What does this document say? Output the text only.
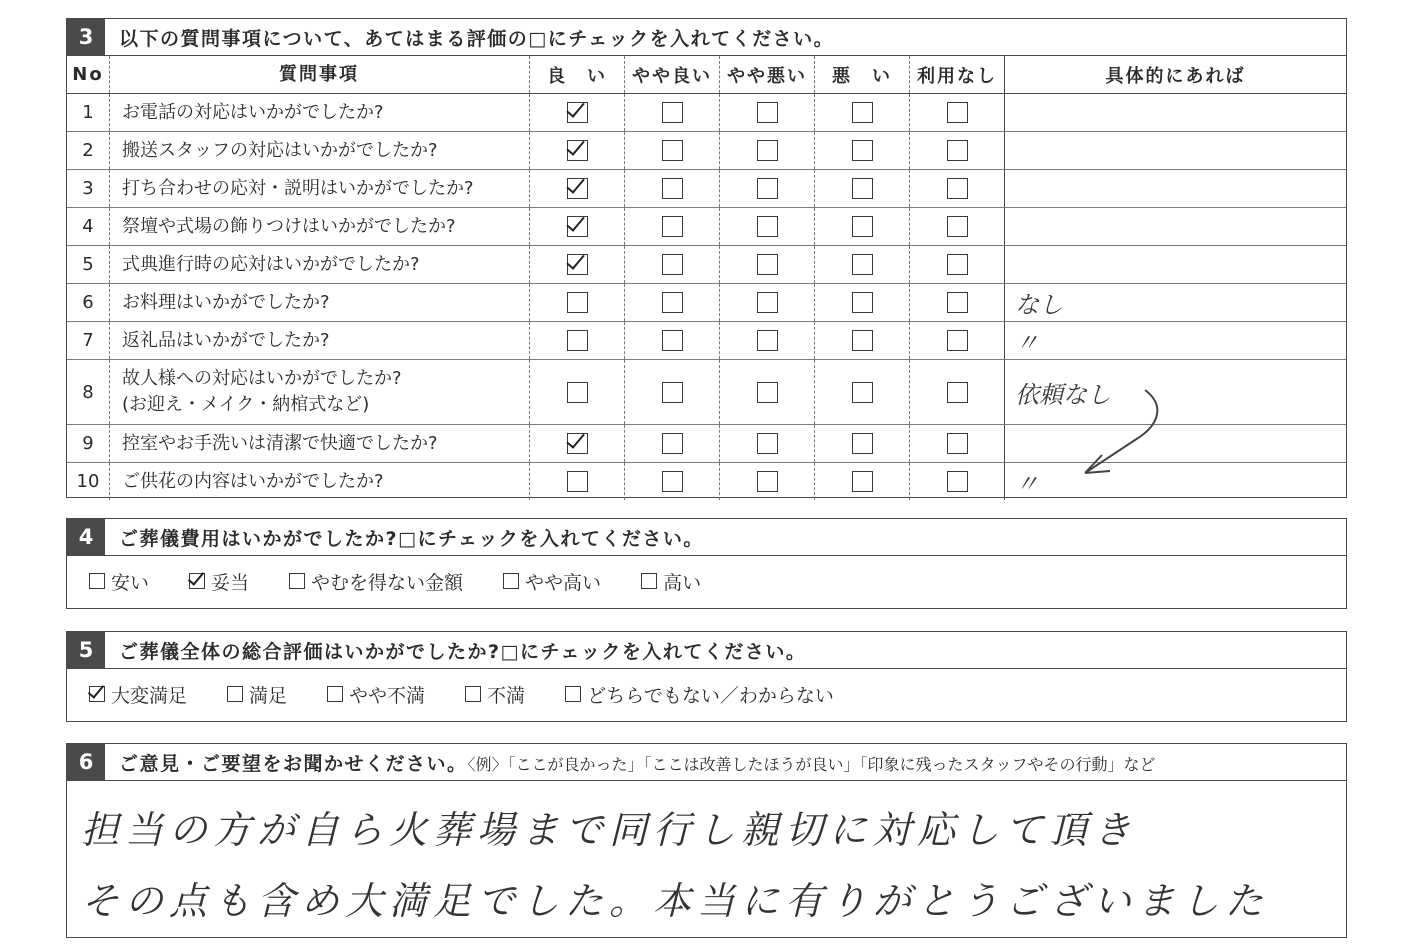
3	以下の質問事項について、あてはまる評価の□にチェックを入れてください。
No	質問事項	良　い	やや良い	やや悪い	悪　い	利用なし	具体的にあれば
1	お電話の対応はいかがでしたか?						

2	搬送スタッフの対応はいかがでしたか?						

3	打ち合わせの応対・説明はいかがでしたか?						

4	祭壇や式場の飾りつけはいかがでしたか?						

5	式典進行時の応対はいかがでしたか?						

6	お料理はいかがでしたか?						なし
7	返礼品はいかがでしたか?						〃
8	故人様への対応はいかがでしたか?
(お迎え・メイク・納棺式など)						依頼なし
9	控室やお手洗いは清潔で快適でしたか?						

10	ご供花の内容はいかがでしたか?						〃
4	ご葬儀費用はいかがでしたか?□にチェックを入れてください。
安い	妥当	やむを得ない金額	やや高い	高い
5	ご葬儀全体の総合評価はいかがでしたか?□にチェックを入れてください。
大変満足	満足	やや不満	不満	どちらでもない／わからない
6	ご意見・ご要望をお聞かせください。〈例〉「ここが良かった」「ここは改善したほうが良い」「印象に残ったスタッフやその行動」など
担当の方が自ら火葬場まで同行し親切に対応して頂き
その点も含め大満足でした。本当に有りがとうございました
